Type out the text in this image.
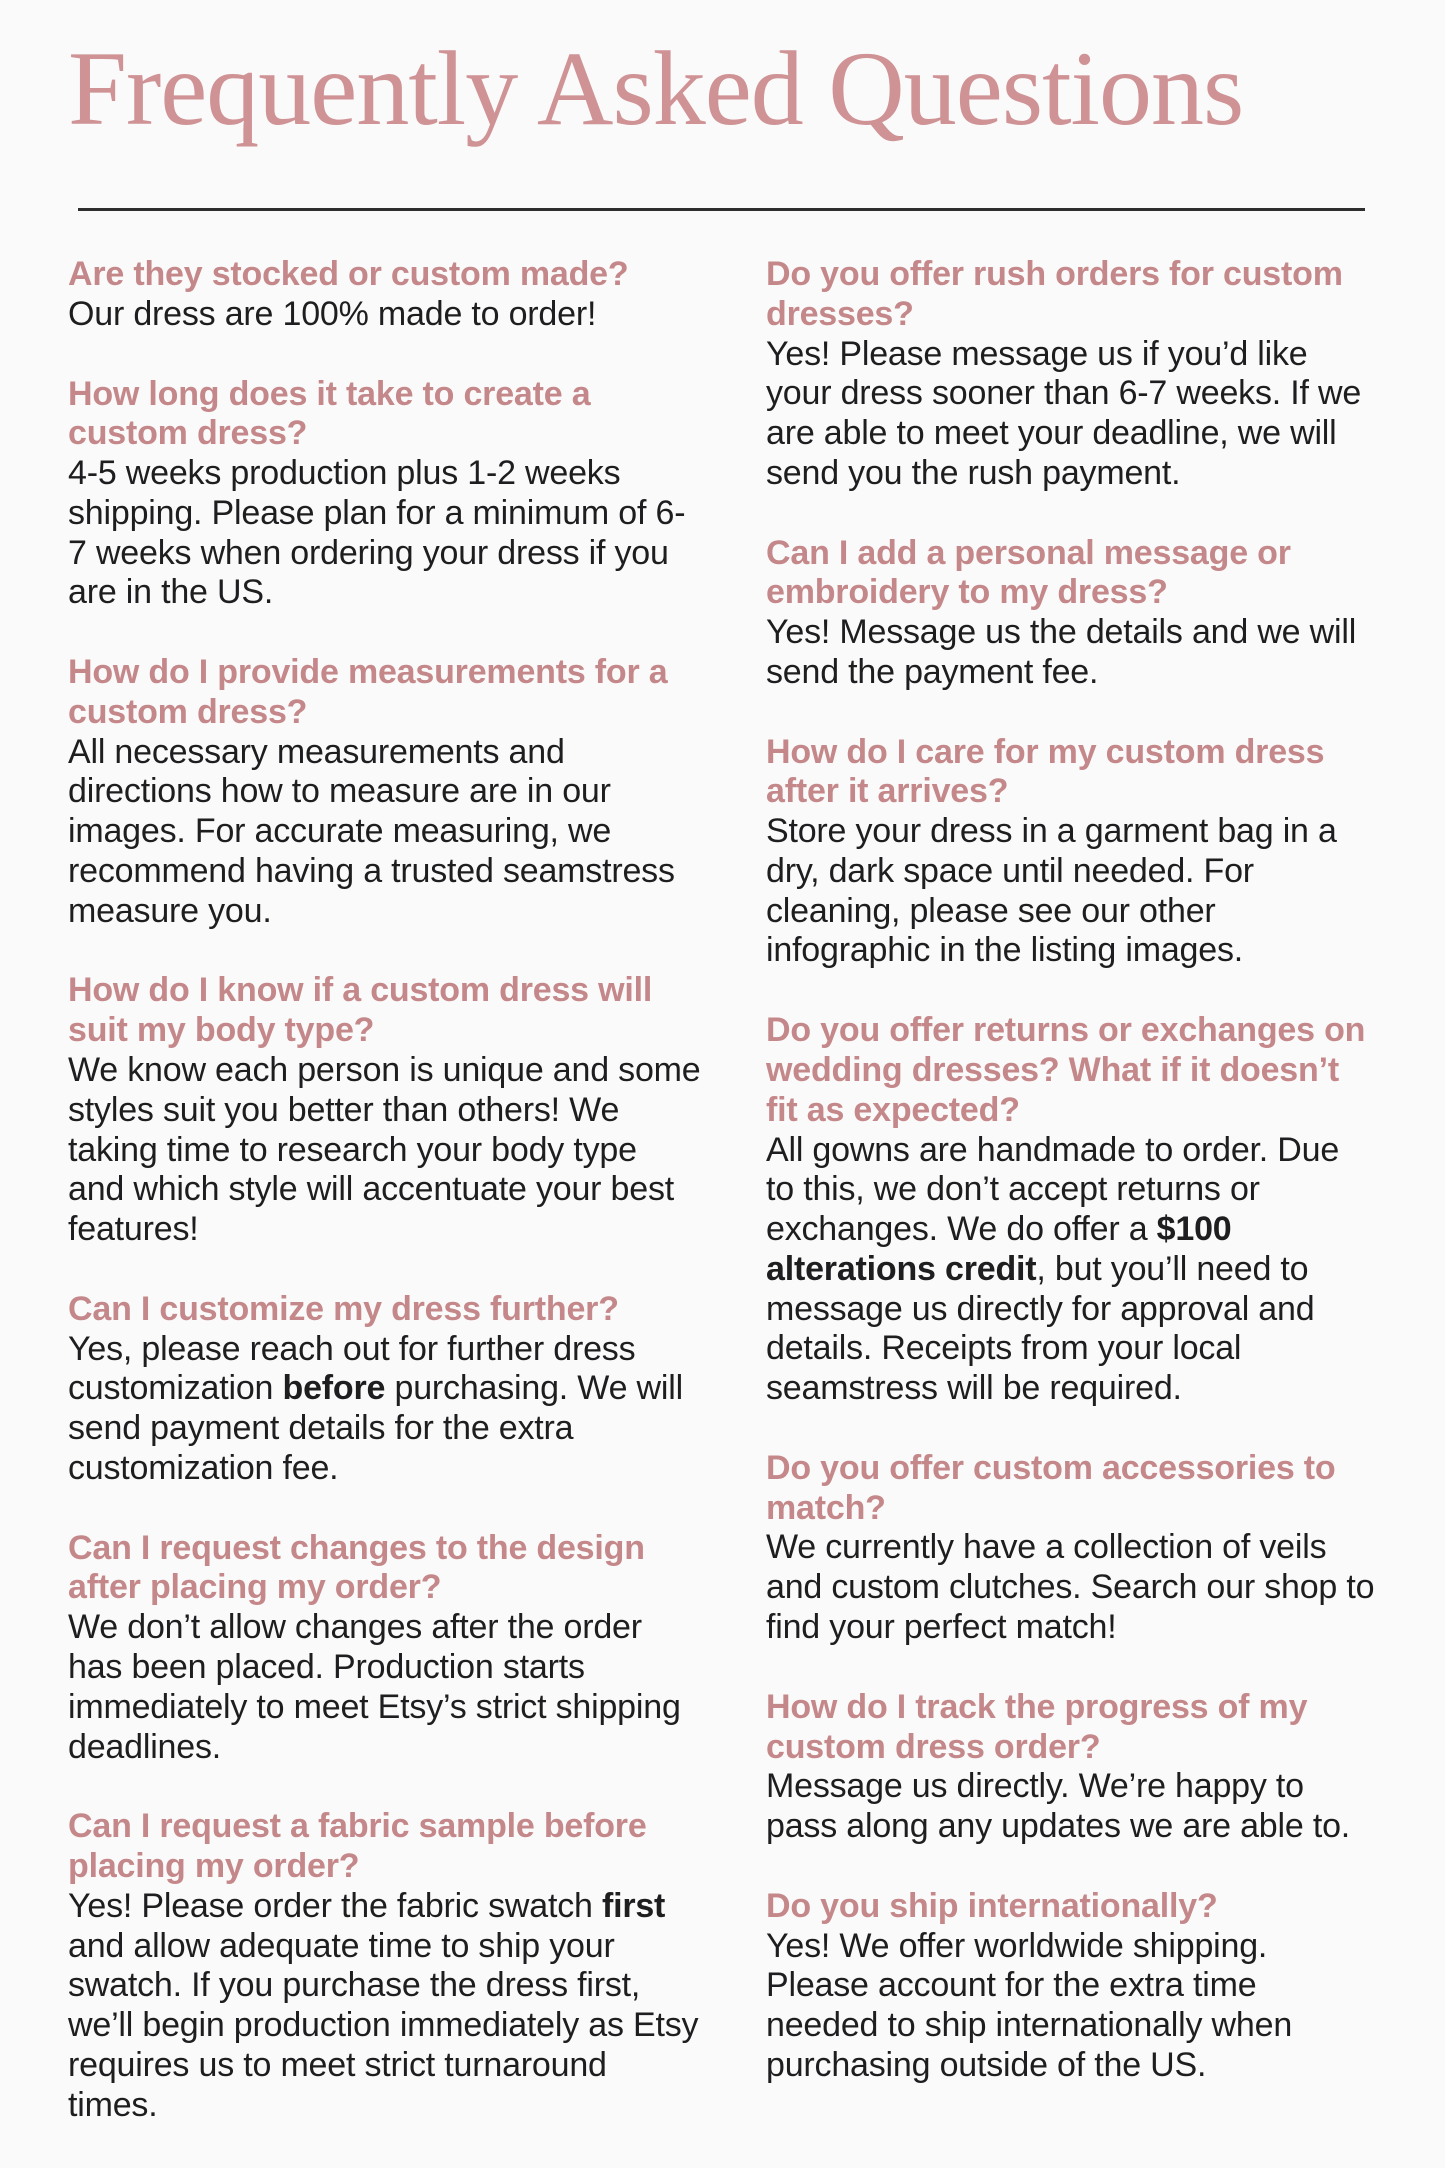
Frequently Asked Questions
Are they stocked or custom made?
Our dress are 100% made to order!
How long does it take to create a custom dress?
4-5 weeks production plus 1-2 weeks shipping. Please plan for a minimum of 6-7 weeks when ordering your dress if you are in the US.
How do I provide measurements for a custom dress?
All necessary measurements and directions how to measure are in our images. For accurate measuring, we recommend having a trusted seamstress measure you.
How do I know if a custom dress will suit my body type?
We know each person is unique and some styles suit you better than others! We taking time to research your body type and which style will accentuate your best features!
Can I customize my dress further?
Yes, please reach out for further dress customization before purchasing. We will send payment details for the extra customization fee.
Can I request changes to the design after placing my order?
We don’t allow changes after the order has been placed. Production starts immediately to meet Etsy’s strict shipping deadlines.
Can I request a fabric sample before placing my order?
Yes! Please order the fabric swatch first and allow adequate time to ship your swatch. If you purchase the dress first, we’ll begin production immediately as Etsy requires us to meet strict turnaround times.
Do you offer rush orders for custom dresses?
Yes! Please message us if you’d like your dress sooner than 6-7 weeks. If we are able to meet your deadline, we will send you the rush payment.
Can I add a personal message or embroidery to my dress?
Yes! Message us the details and we will send the payment fee.
How do I care for my custom dress after it arrives?
Store your dress in a garment bag in a dry, dark space until needed. For cleaning, please see our other infographic in the listing images.
Do you offer returns or exchanges on wedding dresses? What if it doesn’t fit as expected?
All gowns are handmade to order. Due to this, we don’t accept returns or exchanges. We do offer a $100 alterations credit, but you’ll need to message us directly for approval and details. Receipts from your local seamstress will be required.
Do you offer custom accessories to match?
We currently have a collection of veils and custom clutches. Search our shop to find your perfect match!
How do I track the progress of my custom dress order?
Message us directly. We’re happy to pass along any updates we are able to.
Do you ship internationally?
Yes! We offer worldwide shipping. Please account for the extra time needed to ship internationally when purchasing outside of the US.
